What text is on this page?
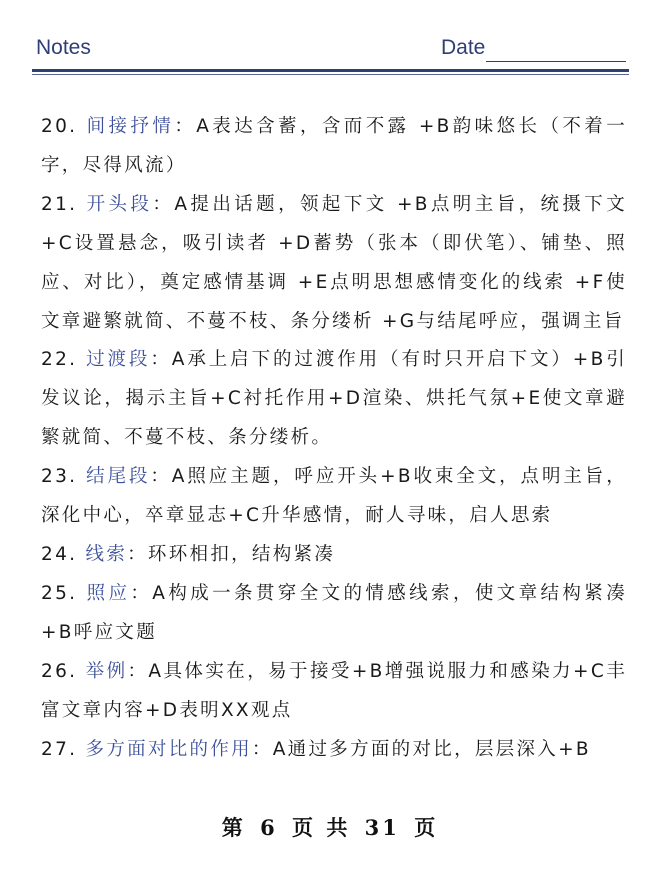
Notes	Date

20. 间接抒情：A表达含蓄，含而不露 +B韵味悠长（不着一字，尽得风流）

21. 开头段：A提出话题，领起下文 +B点明主旨，统摄下文 +C设置悬念，吸引读者 +D蓄势（张本（即伏笔）、铺垫、照应、对比），奠定感情基调 +E点明思想感情变化的线索 +F使文章避繁就简、不蔓不枝、条分缕析 +G与结尾呼应，强调主旨

22. 过渡段：A承上启下的过渡作用（有时只开启下文）+B引发议论，揭示主旨+C衬托作用+D渲染、烘托气氛+E使文章避繁就简、不蔓不枝、条分缕析。

23. 结尾段：A照应主题，呼应开头+B收束全文，点明主旨，深化中心，卒章显志+C升华感情，耐人寻味，启人思索

24. 线索：环环相扣，结构紧凑

25. 照应：A构成一条贯穿全文的情感线索，使文章结构紧凑+B呼应文题

26. 举例：A具体实在，易于接受+B增强说服力和感染力+C丰富文章内容+D表明XX观点

27. 多方面对比的作用：A通过多方面的对比，层层深入+B

第 6 页 共 31 页
